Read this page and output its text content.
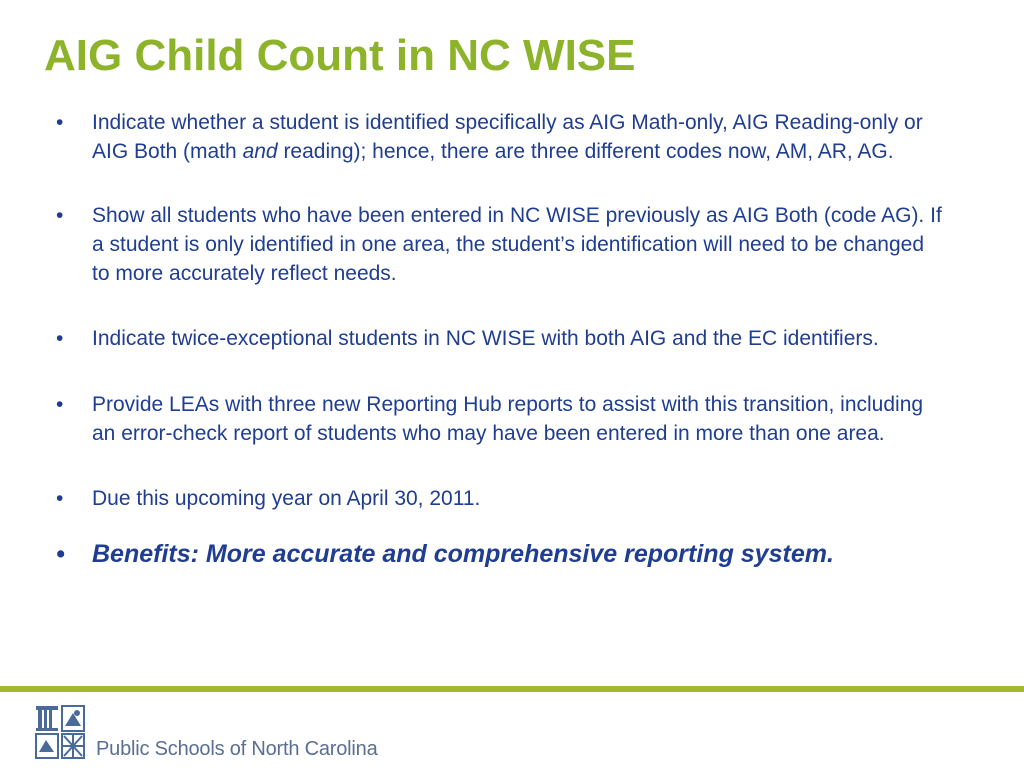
AIG Child Count in NC WISE
• Indicate whether a student is identified specifically as AIG Math-only, AIG Reading-only or AIG Both (math and reading); hence, there are three different codes now, AM, AR, AG.
• Show all students who have been entered in NC WISE previously as AIG Both (code AG). If a student is only identified in one area, the student’s identification will need to be changed to more accurately reflect needs.
• Indicate twice-exceptional students in NC WISE with both AIG and the EC identifiers.
• Provide LEAs with three new Reporting Hub reports to assist with this transition, including an error-check report of students who may have been entered in more than one area.
• Due this upcoming year on April 30, 2011.
• Benefits: More accurate and comprehensive reporting system.
Public Schools of North Carolina
